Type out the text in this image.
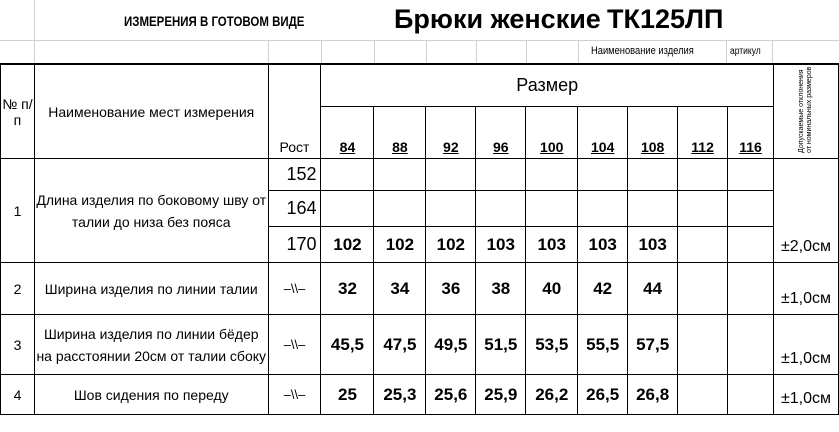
ИЗМЕРЕНИЯ В ГОТОВОМ ВИДЕ	Брюки женские ТК125ЛП
Наименование изделия	артикул
№ п/п	Наименование мест измерения	Рост	Размер									Допускаемые отклонения от номинальных размеров
			84	88	92	96	100	104	108	112	116	
1	Длина изделия по боковому шву от талии до низа без пояса	152										±2,0см
		164										
		170	102	102	102	103	103	103	103			
2	Ширина изделия по линии талии	–\\–	32	34	36	38	40	42	44			±1,0см
3	Ширина изделия по линии бёдер на расстоянии 20см от талии сбоку	–\\–	45,5	47,5	49,5	51,5	53,5	55,5	57,5			±1,0см
4	Шов сидения по переду	–\\–	25	25,3	25,6	25,9	26,2	26,5	26,8			±1,0см
